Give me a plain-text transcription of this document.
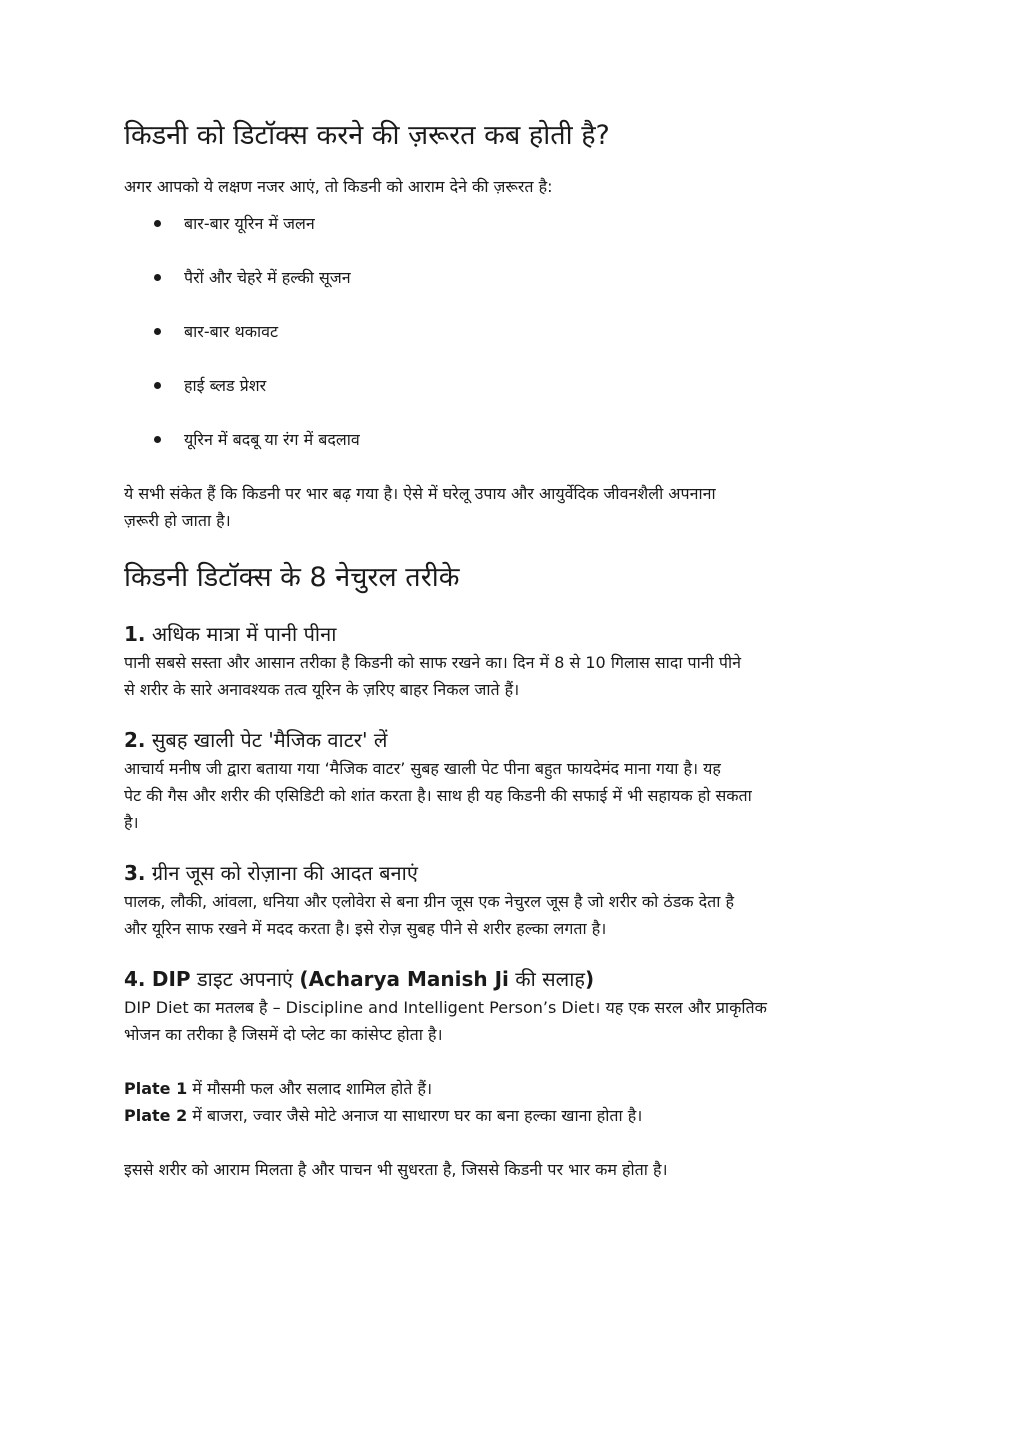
किडनी को डिटॉक्स करने की ज़रूरत कब होती है?

अगर आपको ये लक्षण नजर आएं, तो किडनी को आराम देने की ज़रूरत है:

बार-बार यूरिन में जलन
पैरों और चेहरे में हल्की सूजन
बार-बार थकावट
हाई ब्लड प्रेशर
यूरिन में बदबू या रंग में बदलाव

ये सभी संकेत हैं कि किडनी पर भार बढ़ गया है। ऐसे में घरेलू उपाय और आयुर्वेदिक जीवनशैली अपनाना
ज़रूरी हो जाता है।

किडनी डिटॉक्स के 8 नेचुरल तरीके
1. अधिक मात्रा में पानी पीना

पानी सबसे सस्ता और आसान तरीका है किडनी को साफ रखने का। दिन में 8 से 10 गिलास सादा पानी पीने
से शरीर के सारे अनावश्यक तत्व यूरिन के ज़रिए बाहर निकल जाते हैं।

2. सुबह खाली पेट 'मैजिक वाटर' लें

आचार्य मनीष जी द्वारा बताया गया ‘मैजिक वाटर’ सुबह खाली पेट पीना बहुत फायदेमंद माना गया है। यह
पेट की गैस और शरीर की एसिडिटी को शांत करता है। साथ ही यह किडनी की सफाई में भी सहायक हो सकता
है।

3. ग्रीन जूस को रोज़ाना की आदत बनाएं

पालक, लौकी, आंवला, धनिया और एलोवेरा से बना ग्रीन जूस एक नेचुरल जूस है जो शरीर को ठंडक देता है
और यूरिन साफ रखने में मदद करता है। इसे रोज़ सुबह पीने से शरीर हल्का लगता है।

4. DIP डाइट अपनाएं (Acharya Manish Ji की सलाह)

DIP Diet का मतलब है – Discipline and Intelligent Person’s Diet। यह एक सरल और प्राकृतिक
भोजन का तरीका है जिसमें दो प्लेट का कांसेप्ट होता है।

Plate 1 में मौसमी फल और सलाद शामिल होते हैं।
Plate 2 में बाजरा, ज्वार जैसे मोटे अनाज या साधारण घर का बना हल्का खाना होता है।

इससे शरीर को आराम मिलता है और पाचन भी सुधरता है, जिससे किडनी पर भार कम होता है।
